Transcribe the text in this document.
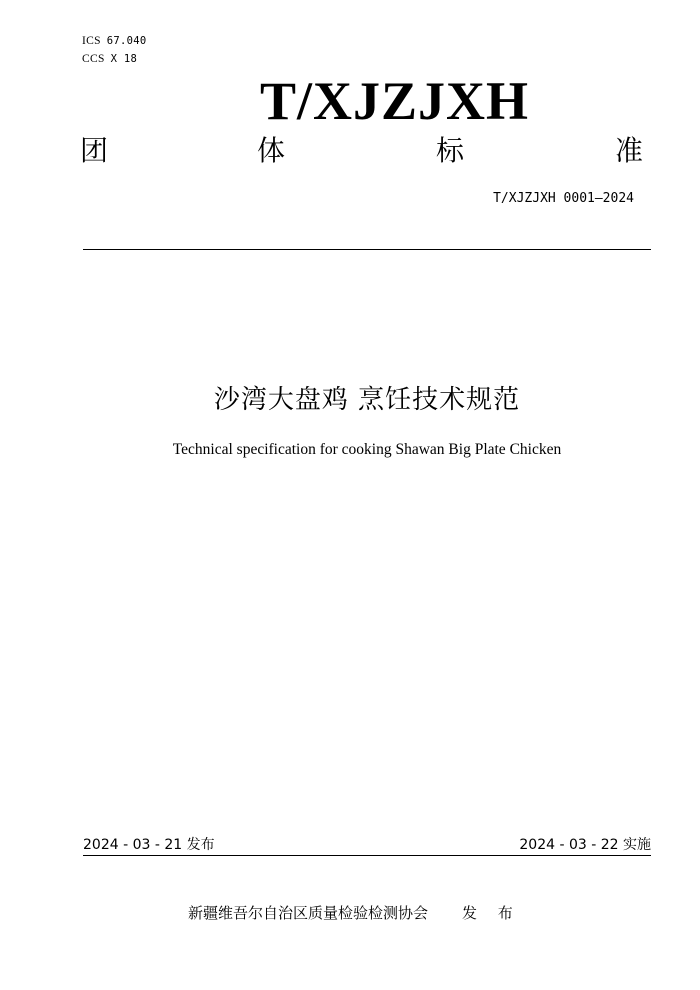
ICS 67.040
CCS X 18
T/XJZJXH
团	体	标	准
T/XJZJXH 0001—2024
沙湾大盘鸡 烹饪技术规范
Technical specification for cooking Shawan Big Plate Chicken
2024 - 03 - 21 发布	2024 - 03 - 22 实施
新疆维吾尔自治区质量检验检测协会 发 布
